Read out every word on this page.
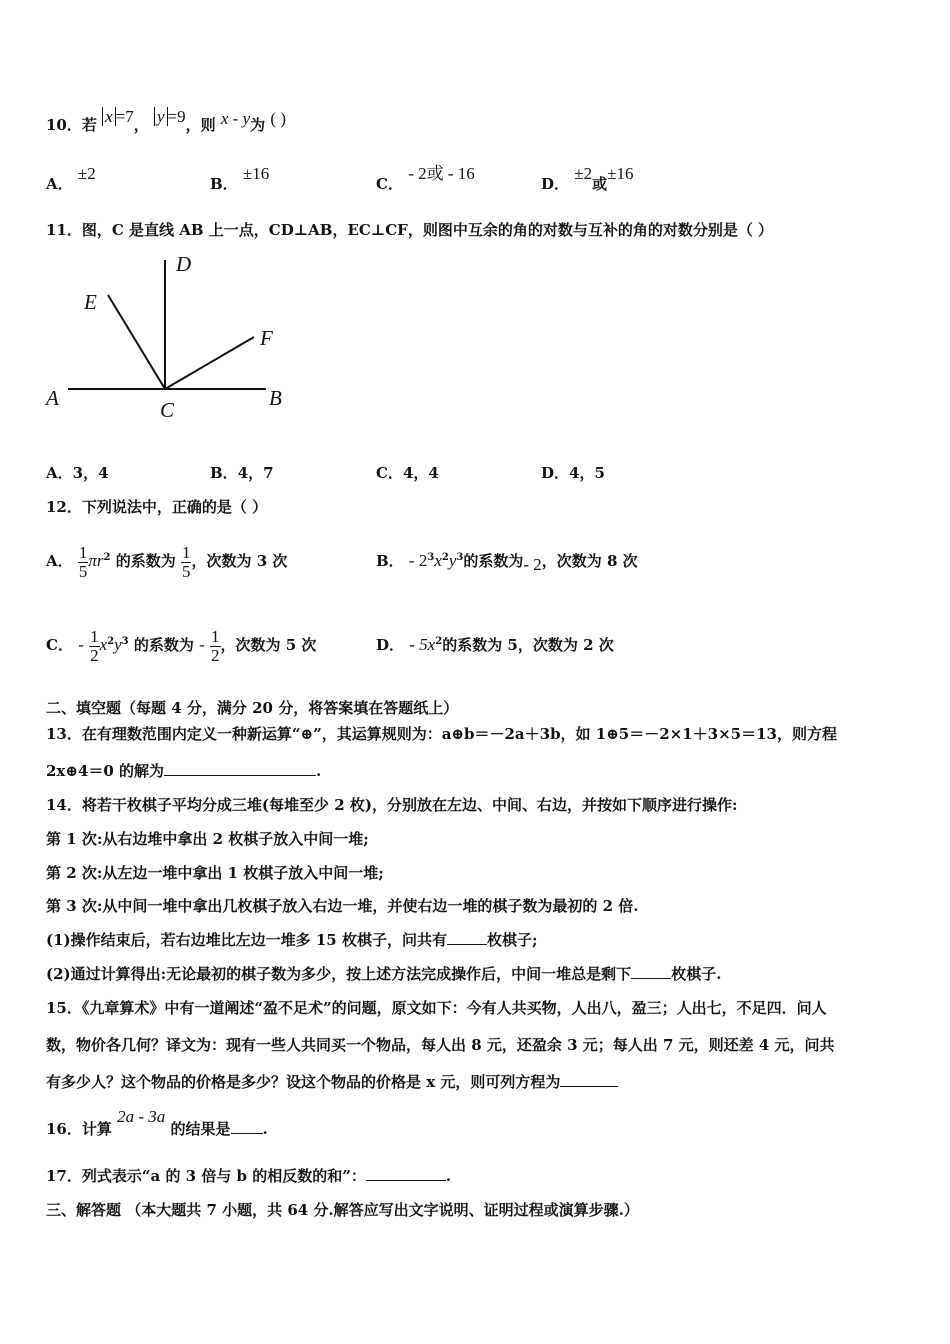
10．若 x =7， y =9，则 x - y为 ( )
A． ±2
B． ±16
C． - 2或 - 16
D． ±2或±16
11．图，C 是直线 AB 上一点，CD⊥AB，EC⊥CF，则图中互余的角的对数与互补的角的对数分别是（ ）
D
E
F
A	B
C
A．3，4	B．4，7	C．4，4	D．4，5
12．下列说法中，正确的是（ ）
A． $\frac{1}{5} \pi r^2$ 的系数为 $\frac{1}{5}$ ，次数为 3 次	B． - $2^3x^2y^3$的系数为- 2，次数为 8 次
C． - $\frac{1}{2} x^2y^3$ 的系数为 - $\frac{1}{2}$ ，次数为 5 次	D． - $5x^2$的系数为 5，次数为 2 次
二、填空题（每题 4 分，满分 20 分，将答案填在答题纸上）
13．在有理数范围内定义一种新运算“⊕”，其运算规则为：a⊕b＝－2a＋3b，如 1⊕5＝－2×1＋3×5＝13，则方程
2x⊕4＝0 的解为	.
14．将若干枚棋子平均分成三堆(每堆至少 2 枚)，分别放在左边、中间、右边，并按如下顺序进行操作:
第 1 次:从右边堆中拿出 2 枚棋子放入中间一堆;
第 2 次:从左边一堆中拿出 1 枚棋子放入中间一堆;
第 3 次:从中间一堆中拿出几枚棋子放入右边一堆，并使右边一堆的棋子数为最初的 2 倍.
(1)操作结束后，若右边堆比左边一堆多 15 枚棋子，问共有	枚棋子;
(2)通过计算得出:无论最初的棋子数为多少，按上述方法完成操作后，中间一堆总是剩下	枚棋子.
15．《九章算术》中有一道阐述“盈不足术”的问题，原文如下：今有人共买物，人出八，盈三；人出七，不足四．问人
数，物价各几何？译文为：现有一些人共同买一个物品，每人出 8 元，还盈余 3 元；每人出 7 元，则还差 4 元，问共
有多少人？这个物品的价格是多少？设这个物品的价格是 x 元，则可列方程为
16．计算 2a - 3a 的结果是 .
17．列式表示“a 的 3 倍与 b 的相反数的和”：	.
三、解答题 （本大题共 7 小题，共 64 分.解答应写出文字说明、证明过程或演算步骤.）
